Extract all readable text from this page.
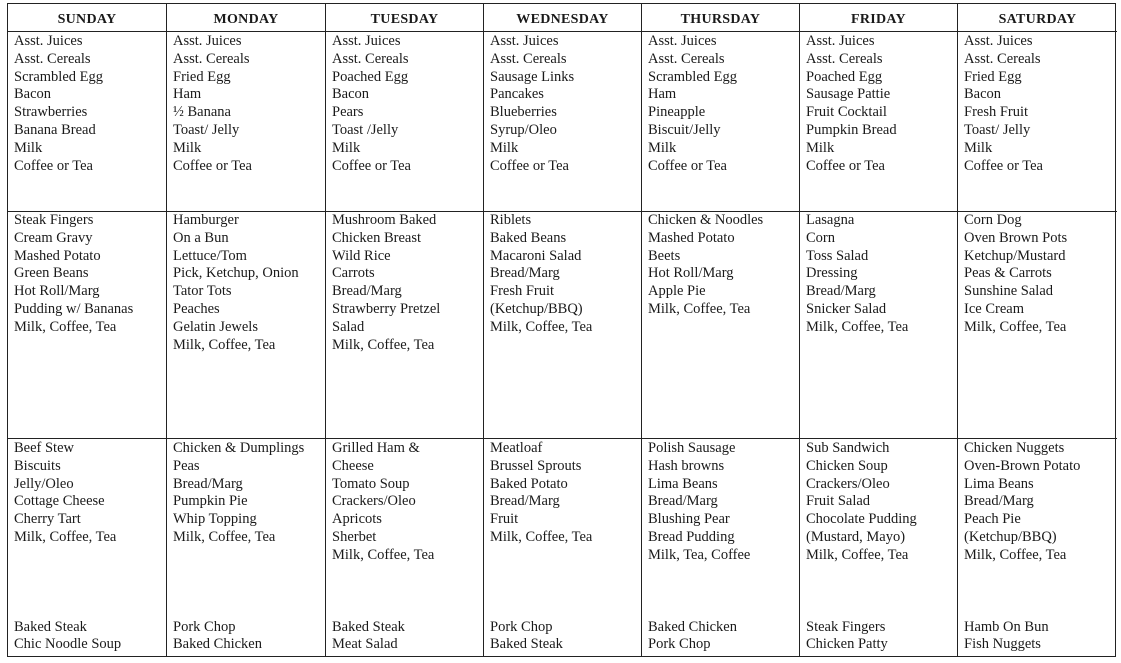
SUNDAY
Asst. Juices
Asst. Cereals
Scrambled Egg
Bacon
Strawberries
Banana Bread
Milk
Coffee or Tea
Steak Fingers
Cream Gravy
Mashed Potato
Green Beans
Hot Roll/Marg
Pudding w/ Bananas
Milk, Coffee, Tea
Beef Stew
Biscuits
Jelly/Oleo
Cottage Cheese
Cherry Tart
Milk, Coffee, Tea
Baked Steak
Chic Noodle Soup
MONDAY
Asst. Juices
Asst. Cereals
Fried Egg
Ham
½ Banana
Toast/ Jelly
Milk
Coffee or Tea
Hamburger
On a Bun
Lettuce/Tom
Pick, Ketchup, Onion
Tator Tots
Peaches
Gelatin Jewels
Milk, Coffee, Tea
Chicken & Dumplings
Peas
Bread/Marg
Pumpkin Pie
Whip Topping
Milk, Coffee, Tea
Pork Chop
Baked Chicken
TUESDAY
Asst. Juices
Asst. Cereals
Poached Egg
Bacon
Pears
Toast /Jelly
Milk
Coffee or Tea
Mushroom Baked
Chicken Breast
Wild Rice
Carrots
Bread/Marg
Strawberry Pretzel
Salad
Milk, Coffee, Tea
Grilled Ham &
Cheese
Tomato Soup
Crackers/Oleo
Apricots
Sherbet
Milk, Coffee, Tea
Baked Steak
Meat Salad
WEDNESDAY
Asst. Juices
Asst. Cereals
Sausage Links
Pancakes
Blueberries
Syrup/Oleo
Milk
Coffee or Tea
Riblets
Baked Beans
Macaroni Salad
Bread/Marg
Fresh Fruit
(Ketchup/BBQ)
Milk, Coffee, Tea
Meatloaf
Brussel Sprouts
Baked Potato
Bread/Marg
Fruit
Milk, Coffee, Tea
Pork Chop
Baked Steak
THURSDAY
Asst. Juices
Asst. Cereals
Scrambled Egg
Ham
Pineapple
Biscuit/Jelly
Milk
Coffee or Tea
Chicken & Noodles
Mashed Potato
Beets
Hot Roll/Marg
Apple Pie
Milk, Coffee, Tea
Polish Sausage
Hash browns
Lima Beans
Bread/Marg
Blushing Pear
Bread Pudding
Milk, Tea, Coffee
Baked Chicken
Pork Chop
FRIDAY
Asst. Juices
Asst. Cereals
Poached Egg
Sausage Pattie
Fruit Cocktail
Pumpkin Bread
Milk
Coffee or Tea
Lasagna
Corn
Toss Salad
Dressing
Bread/Marg
Snicker Salad
Milk, Coffee, Tea
Sub Sandwich
Chicken Soup
Crackers/Oleo
Fruit Salad
Chocolate Pudding
(Mustard, Mayo)
Milk, Coffee, Tea
Steak Fingers
Chicken Patty
SATURDAY
Asst. Juices
Asst. Cereals
Fried Egg
Bacon
Fresh Fruit
Toast/ Jelly
Milk
Coffee or Tea
Corn Dog
Oven Brown Pots
Ketchup/Mustard
Peas & Carrots
Sunshine Salad
Ice Cream
Milk, Coffee, Tea
Chicken Nuggets
Oven-Brown Potato
Lima Beans
Bread/Marg
Peach Pie
(Ketchup/BBQ)
Milk, Coffee, Tea
Hamb On Bun
Fish Nuggets
